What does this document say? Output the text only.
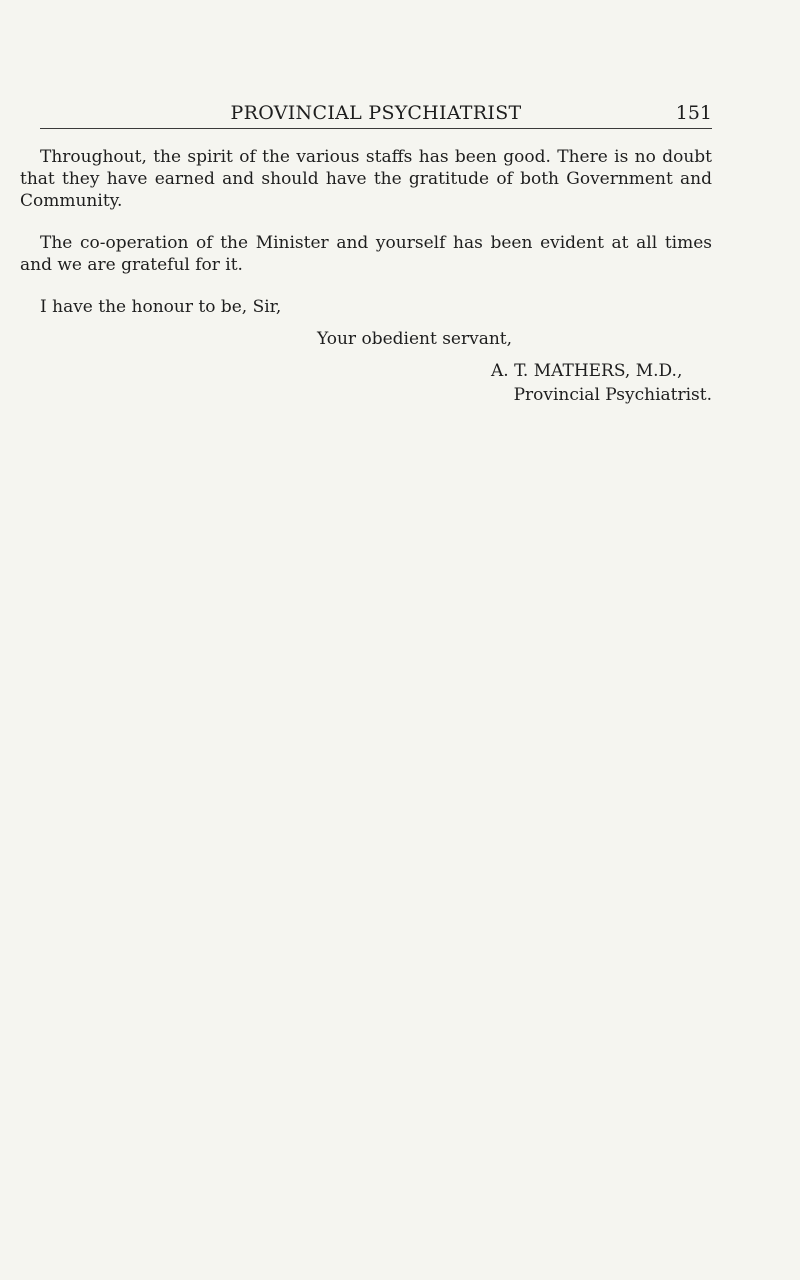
PROVINCIAL PSYCHIATRIST	151

Throughout, the spirit of the various staffs has been good. There is no doubt that they have earned and should have the gratitude of both Government and Community.

The co-operation of the Minister and yourself has been evident at all times and we are grateful for it.

I have the honour to be, Sir,

Your obedient servant,

A. T. MATHERS, M.D.,

Provincial Psychiatrist.
